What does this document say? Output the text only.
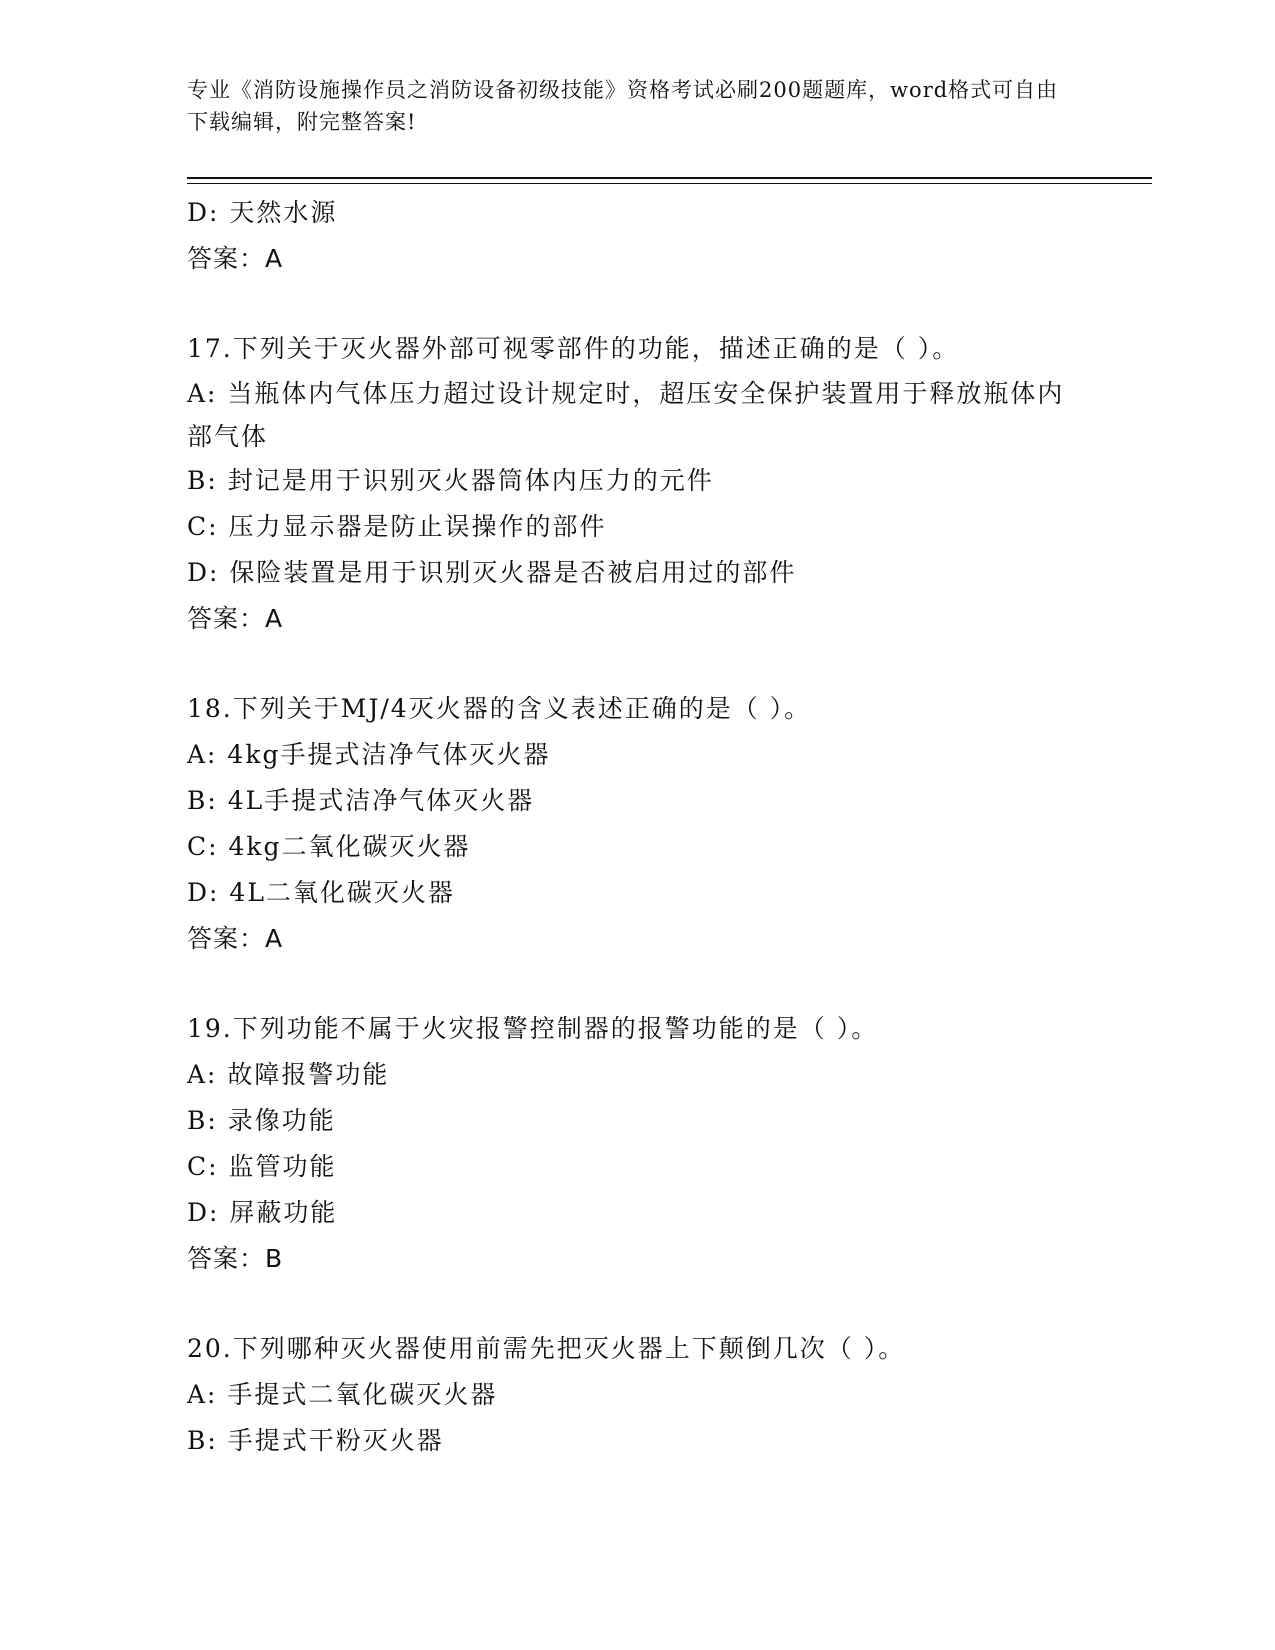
专业《消防设施操作员之消防设备初级技能》资格考试必刷200题题库，word格式可自由下载编辑，附完整答案!
D: 天然水源
答案：A
17.下列关于灭火器外部可视零部件的功能，描述正确的是（ ）。
A: 当瓶体内气体压力超过设计规定时，超压安全保护装置用于释放瓶体内部气体
B: 封记是用于识别灭火器筒体内压力的元件
C: 压力显示器是防止误操作的部件
D: 保险装置是用于识别灭火器是否被启用过的部件
答案：A
18.下列关于MJ/4灭火器的含义表述正确的是（ ）。
A: 4kg手提式洁净气体灭火器
B: 4L手提式洁净气体灭火器
C: 4kg二氧化碳灭火器
D: 4L二氧化碳灭火器
答案：A
19.下列功能不属于火灾报警控制器的报警功能的是（ ）。
A: 故障报警功能
B: 录像功能
C: 监管功能
D: 屏蔽功能
答案：B
20.下列哪种灭火器使用前需先把灭火器上下颠倒几次（ ）。
A: 手提式二氧化碳灭火器
B: 手提式干粉灭火器
